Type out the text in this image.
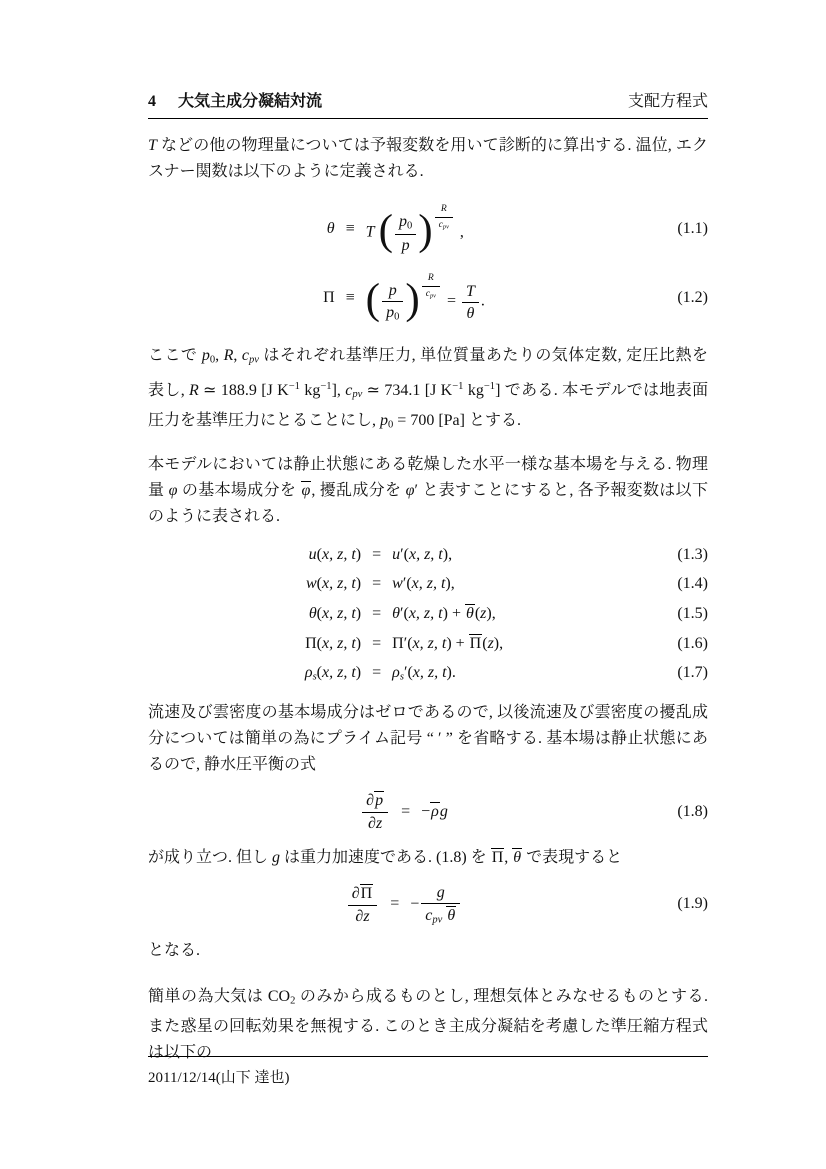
4 大気主成分凝結対流	支配方程式

T などの他の物理量については予報変数を用いて診断的に算出する. 温位, エクスナー関数は以下のように定義される.

θ ≡ T ( $\frac{p_0}{p}$ ) $\frac{R}{c_{pv}}$
,	(1.1)
Π ≡ ( $\frac{p}{p_0}$ ) $\frac{R}{c_{pv}}$
= $\frac{T}{\theta}$ .	(1.2)

ここで $p_0$, R, $c_{pv}$ はそれぞれ基準圧力, 単位質量あたりの気体定数, 定圧比熱を表し, R ≃ 188.9 [J $K^{-1}$ $kg^{-1}$], $c_{pv}$ ≃ 734.1 [J $K^{-1}$ $kg^{-1}$] である. 本モデルでは地表面圧力を基準圧力にとることにし, $p_0 = 700$ [Pa] とする.

本モデルにおいては静止状態にある乾燥した水平一様な基本場を与える. 物理量 φ の基本場成分を φ, 擾乱成分を φ′ と表すことにすると, 各予報変数は以下のように表される.

u(x, z, t) = u′(x, z, t),	(1.3)
w(x, z, t) = w′(x, z, t),	(1.4)
θ(x, z, t) = θ′(x, z, t) + θ(z),	(1.5)
Π(x, z, t) = Π′(x, z, t) + Π(z),	(1.6)
$\rho_s(x$, z, $t) = \rho_s'(x$, z, t).	(1.7)

流速及び雲密度の基本場成分はゼロであるので, 以後流速及び雲密度の擾乱成分については簡単の為にプライム記号 “ ′ ” を省略する. 基本場は静止状態にあるので, 静水圧平衡の式

$\frac{\partial p}{\partial z} = -\rho g$	(1.8)

が成り立つ. 但し g は重力加速度である. (1.8) を Π, θ で表現すると

$\frac{\partial\Pi}{\partial z}$ = − $\frac{g}{c_{pv} \theta}$	(1.9)

となる.

簡単の為大気は $CO_2$ のみから成るものとし, 理想気体とみなせるものとする. また惑星の回転効果を無視する. このとき主成分凝結を考慮した準圧縮方程式は以下の

2011/12/14(山下 達也)
